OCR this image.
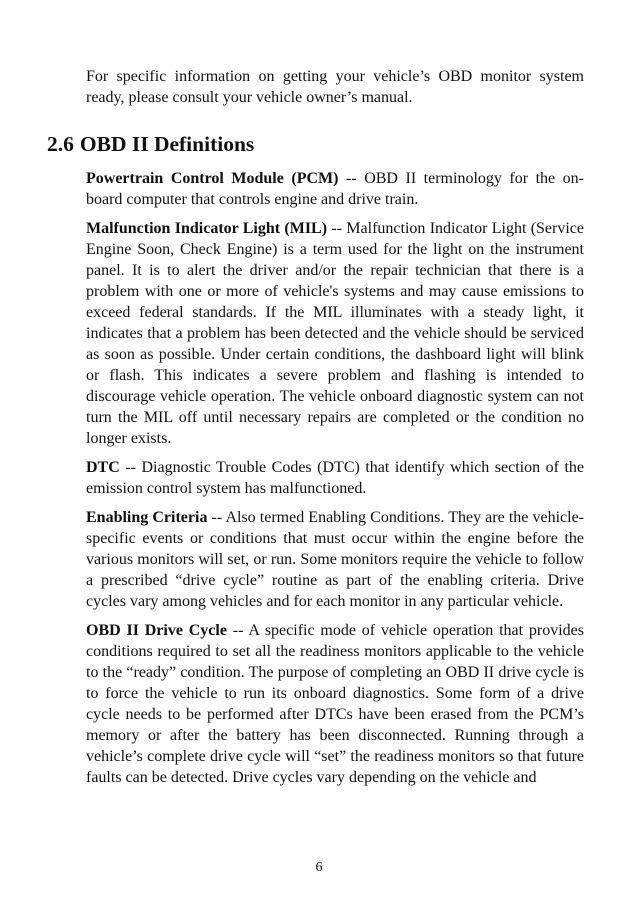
For specific information on getting your vehicle’s OBD monitor system ready, please consult your vehicle owner’s manual.

2.6 OBD II Definitions

Powertrain Control Module (PCM) -- OBD II terminology for the on-board computer that controls engine and drive train.

Malfunction Indicator Light (MIL) -- Malfunction Indicator Light (Service Engine Soon, Check Engine) is a term used for the light on the instrument panel. It is to alert the driver and/or the repair technician that there is a problem with one or more of vehicle's systems and may cause emissions to exceed federal standards. If the MIL illuminates with a steady light, it indicates that a problem has been detected and the vehicle should be serviced as soon as possible. Under certain conditions, the dashboard light will blink or flash. This indicates a severe problem and flashing is intended to discourage vehicle operation. The vehicle onboard diagnostic system can not turn the MIL off until necessary repairs are completed or the condition no longer exists.

DTC -- Diagnostic Trouble Codes (DTC) that identify which section of the emission control system has malfunctioned.

Enabling Criteria -- Also termed Enabling Conditions. They are the vehicle-specific events or conditions that must occur within the engine before the various monitors will set, or run. Some monitors require the vehicle to follow a prescribed “drive cycle” routine as part of the enabling criteria. Drive cycles vary among vehicles and for each monitor in any particular vehicle.

OBD II Drive Cycle -- A specific mode of vehicle operation that provides conditions required to set all the readiness monitors applicable to the vehicle to the “ready” condition. The purpose of completing an OBD II drive cycle is to force the vehicle to run its onboard diagnostics. Some form of a drive cycle needs to be performed after DTCs have been erased from the PCM’s memory or after the battery has been disconnected. Running through a vehicle’s complete drive cycle will “set” the readiness monitors so that future faults can be detected. Drive cycles vary depending on the vehicle and

6
